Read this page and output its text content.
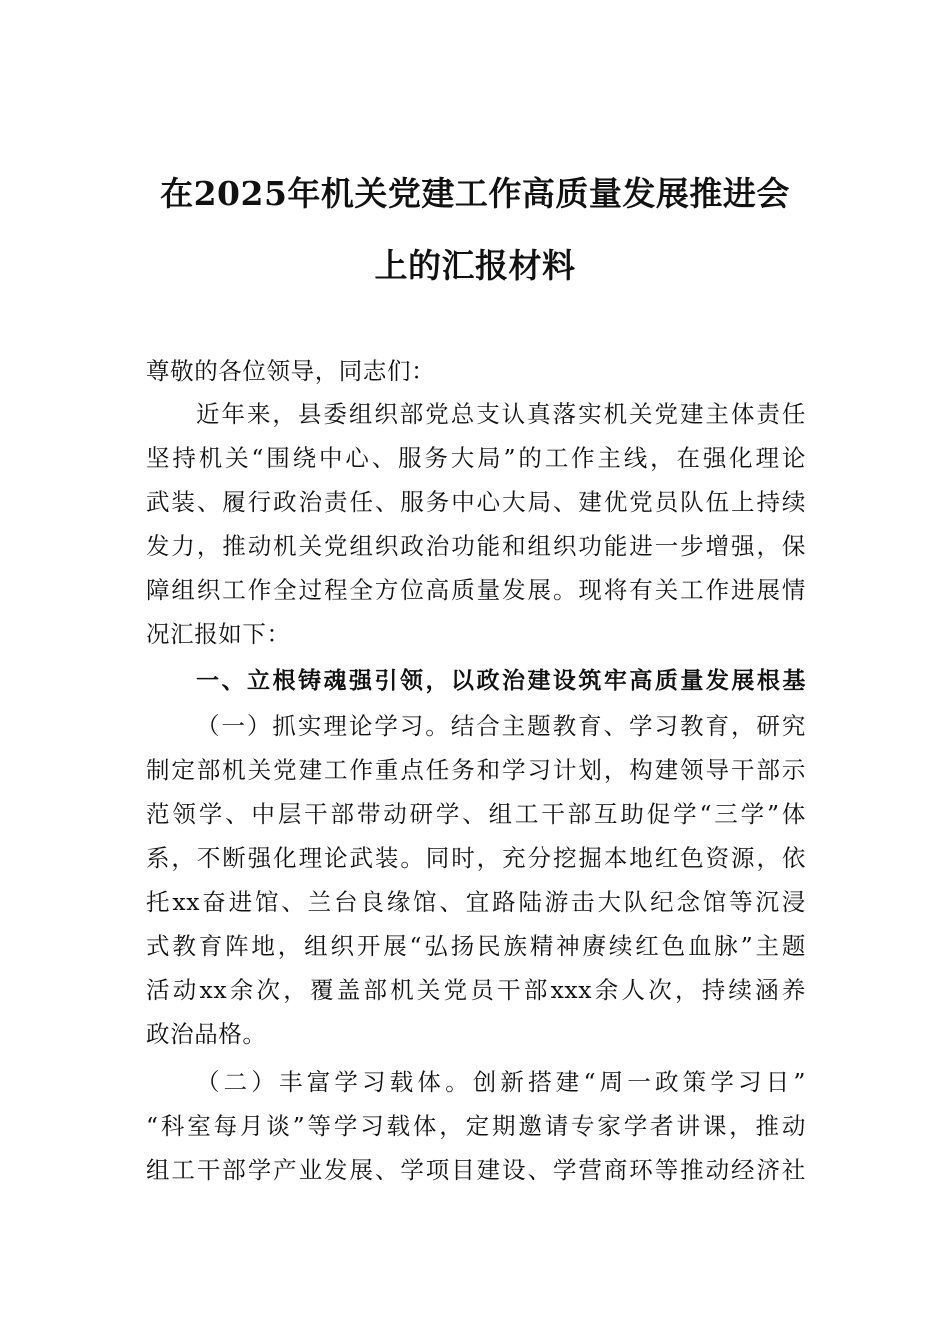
在2025年机关党建工作高质量发展推进会
上的汇报材料
尊敬的各位领导，同志们：
近年来，县委组织部党总支认真落实机关党建主体责任
坚持机关“围绕中心、服务大局”的工作主线，在强化理论
武装、履行政治责任、服务中心大局、建优党员队伍上持续
发力，推动机关党组织政治功能和组织功能进一步增强，保
障组织工作全过程全方位高质量发展。现将有关工作进展情
况汇报如下：
一、立根铸魂强引领，以政治建设筑牢高质量发展根基
（一）抓实理论学习。结合主题教育、学习教育，研究
制定部机关党建工作重点任务和学习计划，构建领导干部示
范领学、中层干部带动研学、组工干部互助促学“三学”体
系，不断强化理论武装。同时，充分挖掘本地红色资源，依
托xx奋进馆、兰台良缘馆、宜路陆游击大队纪念馆等沉浸
式教育阵地，组织开展“弘扬民族精神赓续红色血脉”主题
活动xx余次，覆盖部机关党员干部xxx余人次，持续涵养
政治品格。
（二）丰富学习载体。创新搭建“周一政策学习日”
“科室每月谈”等学习载体，定期邀请专家学者讲课，推动
组工干部学产业发展、学项目建设、学营商环等推动经济社
